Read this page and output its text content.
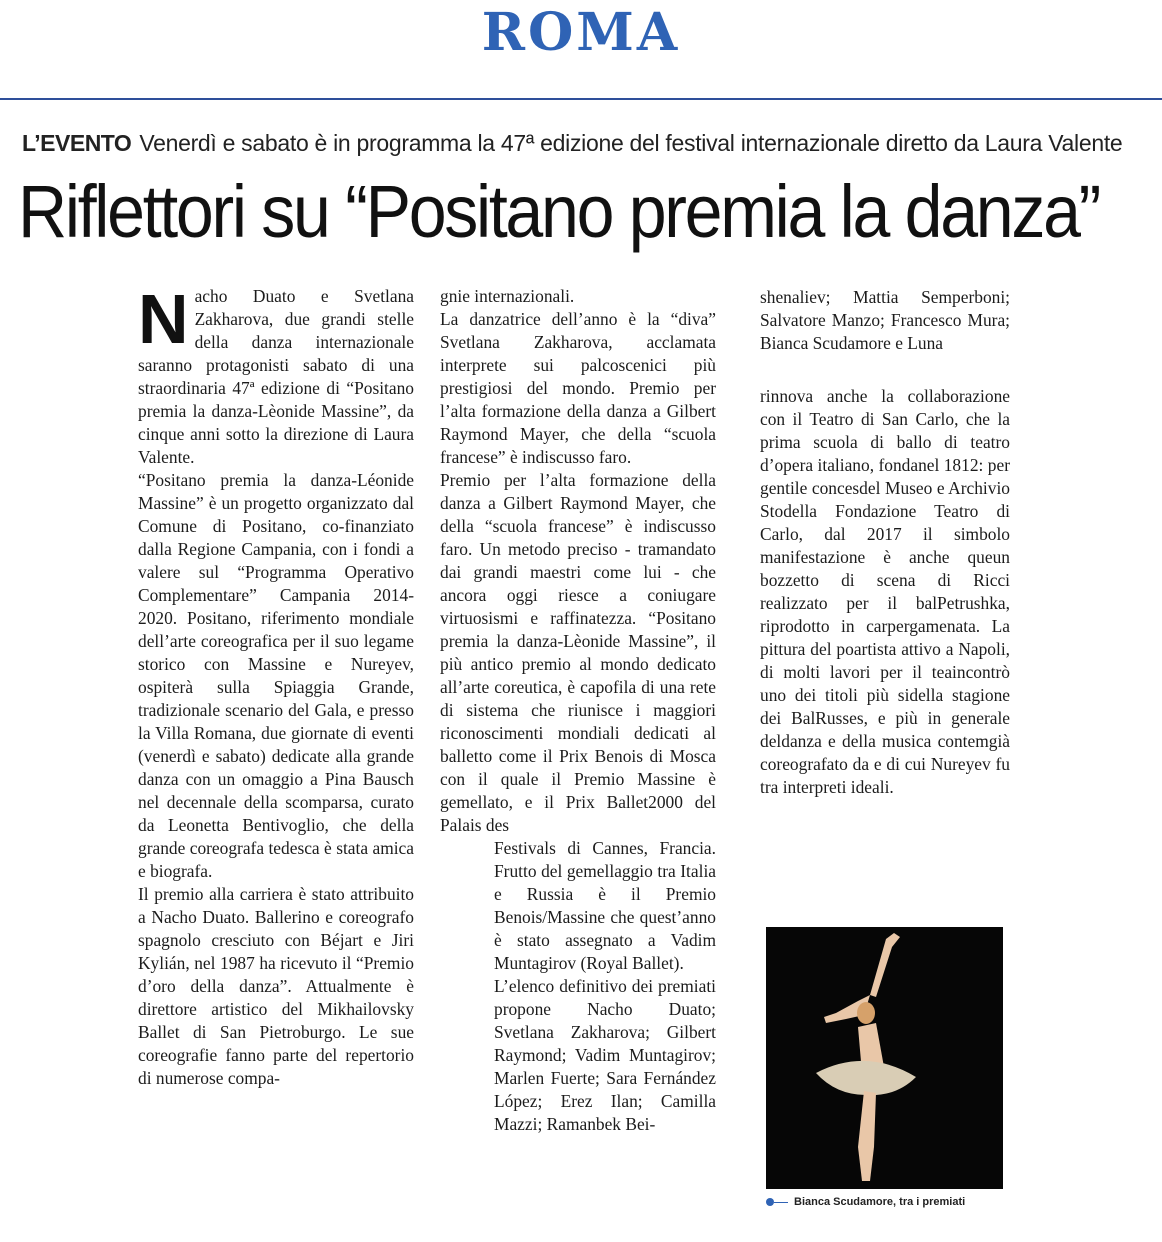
ROMA
L’EVENTO Venerdì e sabato è in programma la 47ª edizione del festival internazionale diretto da Laura Valente
Riflettori su “Positano premia la danza”

Nacho Duato e Svetlana Zakharova, due grandi stelle della danza internazionale saranno protagonisti sabato di una straordinaria 47ª edizione di “Positano premia la danza-Lèonide Massine”, da cinque anni sotto la direzione di Laura Valente.

“Positano premia la danza-Léonide Massine” è un progetto organizzato dal Comune di Positano, co-finanziato dalla Regione Campania, con i fondi a valere sul “Programma Operativo Complementare” Campania 2014-2020. Positano, riferimento mondiale dell’arte coreografica per il suo legame storico con Massine e Nureyev, ospiterà sulla Spiaggia Grande, tradizionale scenario del Gala, e presso la Villa Romana, due giornate di eventi (venerdì e sabato) dedicate alla grande danza con un omaggio a Pina Bausch nel decennale della scomparsa, curato da Leonetta Bentivoglio, che della grande coreografa tedesca è stata amica e biografa.

Il premio alla carriera è stato attribuito a Nacho Duato. Ballerino e coreografo spagnolo cresciuto con Béjart e Jiri Kylián, nel 1987 ha ricevuto il “Premio d’oro della danza”. Attualmente è direttore artistico del Mikhailovsky Ballet di San Pietroburgo. Le sue coreografie fanno parte del repertorio di numerose compa-

gnie internazionali.

La danzatrice dell’anno è la “diva” Svetlana Zakharova, acclamata interprete sui palcoscenici più prestigiosi del mondo. Premio per l’alta formazione della danza a Gilbert Raymond Mayer, che della “scuola francese” è indiscusso faro.

Premio per l’alta formazione della danza a Gilbert Raymond Mayer, che della “scuola francese” è indiscusso faro. Un metodo preciso - tramandato dai grandi maestri come lui - che ancora oggi riesce a coniugare virtuosismi e raffinatezza. “Positano premia la danza-Lèonide Massine”, il più antico premio al mondo dedicato all’arte coreutica, è capofila di una rete di sistema che riunisce i maggiori riconoscimenti mondiali dedicati al balletto come il Prix Benois di Mosca con il quale il Premio Massine è gemellato, e il Prix Ballet2000 del Palais des

Festivals di Cannes, Francia. Frutto del gemellaggio tra Italia e Russia è il Premio Benois/Massine che quest’anno è stato assegnato a Vadim Muntagirov (Royal Ballet).

L’elenco definitivo dei premiati propone Nacho Duato; Svetlana Zakharova; Gilbert Raymond; Vadim Muntagirov; Marlen Fuerte; Sara Fernández López; Erez Ilan; Camilla Mazzi; Ramanbek Bei-

shenaliev; Mattia Semperboni; Salvatore Manzo; Francesco Mura; Bianca Scudamore e Luna

rinnova anche la collaborazione con il Teatro di San Carlo, che la prima scuola di ballo di teatro d’opera italiano, fondanel 1812: per gentile concesdel Museo e Archivio Stodella Fondazione Teatro di Carlo, dal 2017 il simbolo manifestazione è anche queun bozzetto di scena di Ricci realizzato per il balPetrushka, riprodotto in carpergamenata. La pittura del poartista attivo a Napoli, di molti lavori per il teaincontrò uno dei titoli più sidella stagione dei BalRusses, e più in generale deldanza e della musica contemgià coreografato da e di cui Nureyev fu tra interpreti ideali.

Bianca Scudamore, tra i premiati
